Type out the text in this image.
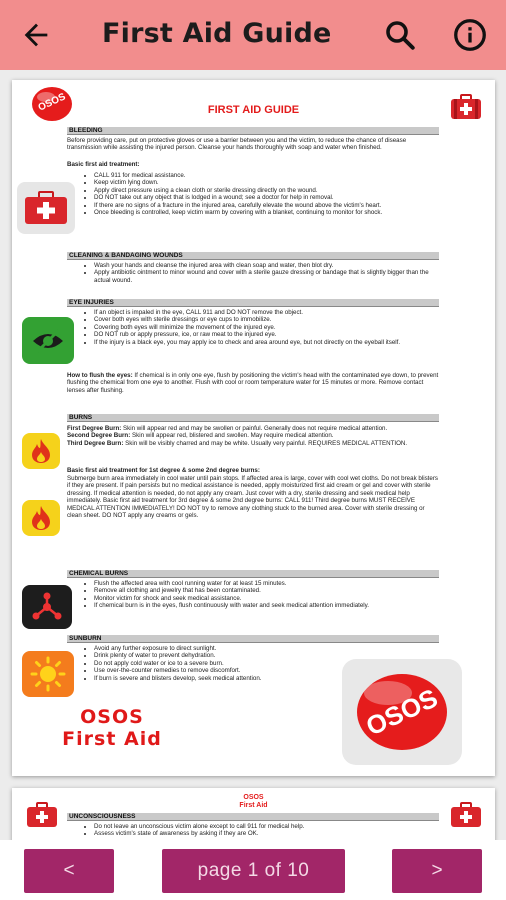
First Aid Guide
OSOS	FIRST AID GUIDE
BLEEDING
Before providing care, put on protective gloves or use a barrier between you and the victim, to reduce the chance of disease transmission while assisting the injured person. Cleanse your hands thoroughly with soap and water when finished.
Basic first aid treatment:
• CALL 911 for medical assistance.
• Keep victim lying down.
• Apply direct pressure using a clean cloth or sterile dressing directly on the wound.
• DO NOT take out any object that is lodged in a wound; see a doctor for help in removal.
• If there are no signs of a fracture in the injured area, carefully elevate the wound above the victim's heart.
• Once bleeding is controlled, keep victim warm by covering with a blanket, continuing to monitor for shock.
CLEANING & BANDAGING WOUNDS
• Wash your hands and cleanse the injured area with clean soap and water, then blot dry.
• Apply antibiotic ointment to minor wound and cover with a sterile gauze dressing or bandage that is slightly bigger than the actual wound.
EYE INJURIES
• If an object is impaled in the eye, CALL 911 and DO NOT remove the object.
• Cover both eyes with sterile dressings or eye cups to immobilize.
• Covering both eyes will minimize the movement of the injured eye.
• DO NOT rub or apply pressure, ice, or raw meat to the injured eye.
• If the injury is a black eye, you may apply ice to check and area around eye, but not directly on the eyeball itself.
How to flush the eyes: If chemical is in only one eye, flush by positioning the victim's head with the contaminated eye down, to prevent flushing the chemical from one eye to another. Flush with cool or room temperature water for 15 minutes or more. Remove contact lenses after flushing.
BURNS
First Degree Burn: Skin will appear red and may be swollen or painful. Generally does not require medical attention.
Second Degree Burn: Skin will appear red, blistered and swollen. May require medical attention.
Third Degree Burn: Skin will be visibly charred and may be white. Usually very painful. REQUIRES MEDICAL ATTENTION.
Basic first aid treatment for 1st degree & some 2nd degree burns:
Submerge burn area immediately in cool water until pain stops. If affected area is large, cover with cool wet cloths. Do not break blisters if they are present. If pain persists but no medical assistance is needed, apply moisturized first aid cream or gel and cover with sterile dressing. If medical attention is needed, do not apply any cream. Just cover with a dry, sterile dressing and seek medical help immediately. Basic first aid treatment for 3rd degree & some 2nd degree burns: CALL 911! Third degree burns MUST RECEIVE MEDICAL ATTENTION IMMEDIATELY! DO NOT try to remove any clothing stuck to the burned area. Cover with sterile dressing or clean sheet. DO NOT apply any creams or gels.
CHEMICAL BURNS
• Flush the affected area with cool running water for at least 15 minutes.
• Remove all clothing and jewelry that has been contaminated.
• Monitor victim for shock and seek medical assistance.
• If chemical burn is in the eyes, flush continuously with water and seek medical attention immediately.
SUNBURN
• Avoid any further exposure to direct sunlight.
• Drink plenty of water to prevent dehydration.
• Do not apply cold water or ice to a severe burn.
• Use over-the-counter remedies to remove discomfort.
• If burn is severe and blisters develop, seek medical attention.
OSOS
OSOS
First Aid
OSOS
First Aid
UNCONSCIOUSNESS
• Do not leave an unconscious victim alone except to call 911 for medical help.
• Assess victim's state of awareness by asking if they are OK.
<	page 1 of 10	>
